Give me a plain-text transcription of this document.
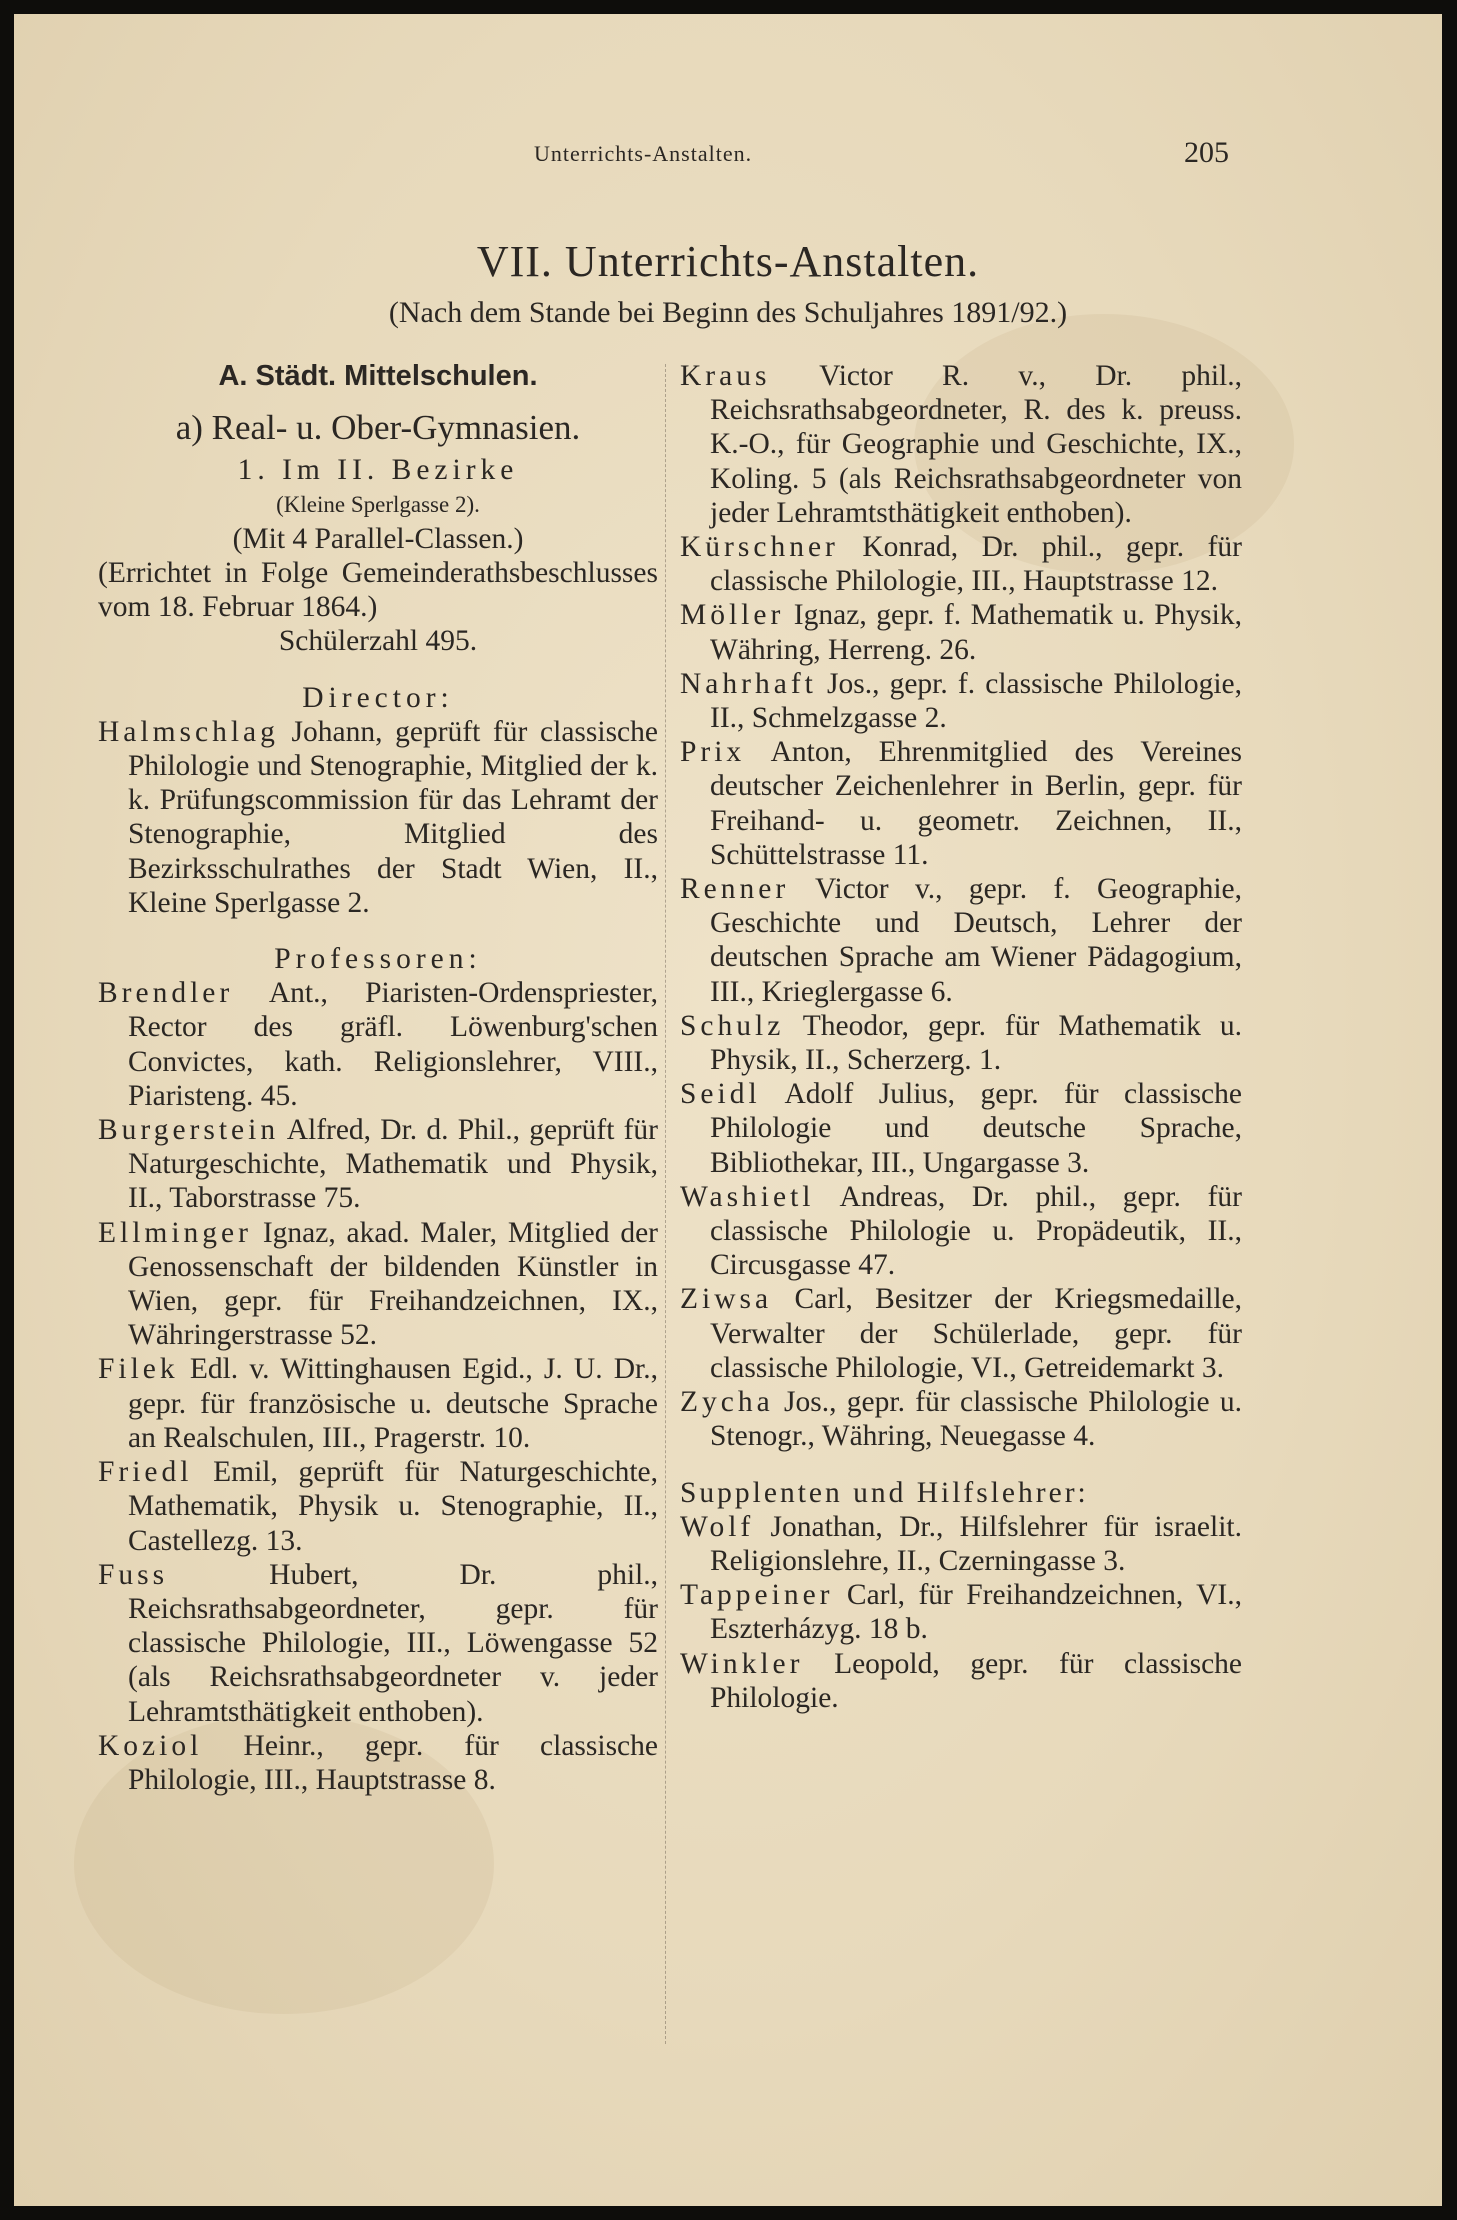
Unterrichts-Anstalten.	205
VII. Unterrichts-Anstalten.
(Nach dem Stande bei Beginn des Schuljahres 1891/92.)
A. Städt. Mittelschulen.
a) Real- u. Ober-Gymnasien.
1. Im II. Bezirke
(Kleine Sperlgasse 2).
(Mit 4 Parallel-Classen.)
(Errichtet in Folge Gemeinderathsbeschlusses vom 18. Februar 1864.)
Schülerzahl 495.
Director:
Halmschlag Johann, geprüft für classische Philologie und Stenographie, Mitglied der k. k. Prüfungscommission für das Lehramt der Stenographie, Mitglied des Bezirksschulrathes der Stadt Wien, II., Kleine Sperlgasse 2.
Professoren:
Brendler Ant., Piaristen-Ordenspriester, Rector des gräfl. Löwenburg'schen Convictes, kath. Religionslehrer, VIII., Piaristeng. 45.
Burgerstein Alfred, Dr. d. Phil., geprüft für Naturgeschichte, Mathematik und Physik, II., Taborstrasse 75.
Ellminger Ignaz, akad. Maler, Mitglied der Genossenschaft der bildenden Künstler in Wien, gepr. für Freihandzeichnen, IX., Währingerstrasse 52.
Filek Edl. v. Wittinghausen Egid., J. U. Dr., gepr. für französische u. deutsche Sprache an Realschulen, III., Pragerstr. 10.
Friedl Emil, geprüft für Naturgeschichte, Mathematik, Physik u. Stenographie, II., Castellezg. 13.
Fuss Hubert, Dr. phil., Reichsrathsabgeordneter, gepr. für classische Philologie, III., Löwengasse 52 (als Reichsrathsabgeordneter v. jeder Lehramtsthätigkeit enthoben).
Koziol Heinr., gepr. für classische Philologie, III., Hauptstrasse 8.
Kraus Victor R. v., Dr. phil., Reichsrathsabgeordneter, R. des k. preuss. K.-O., für Geographie und Geschichte, IX., Koling. 5 (als Reichsrathsabgeordneter von jeder Lehramtsthätigkeit enthoben).
Kürschner Konrad, Dr. phil., gepr. für classische Philologie, III., Hauptstrasse 12.
Möller Ignaz, gepr. f. Mathematik u. Physik, Währing, Herreng. 26.
Nahrhaft Jos., gepr. f. classische Philologie, II., Schmelzgasse 2.
Prix Anton, Ehrenmitglied des Vereines deutscher Zeichenlehrer in Berlin, gepr. für Freihand- u. geometr. Zeichnen, II., Schüttelstrasse 11.
Renner Victor v., gepr. f. Geographie, Geschichte und Deutsch, Lehrer der deutschen Sprache am Wiener Pädagogium, III., Krieglergasse 6.
Schulz Theodor, gepr. für Mathematik u. Physik, II., Scherzerg. 1.
Seidl Adolf Julius, gepr. für classische Philologie und deutsche Sprache, Bibliothekar, III., Ungargasse 3.
Washietl Andreas, Dr. phil., gepr. für classische Philologie u. Propädeutik, II., Circusgasse 47.
Ziwsa Carl, Besitzer der Kriegsmedaille, Verwalter der Schülerlade, gepr. für classische Philologie, VI., Getreidemarkt 3.
Zycha Jos., gepr. für classische Philologie u. Stenogr., Währing, Neuegasse 4.
Supplenten und Hilfslehrer:
Wolf Jonathan, Dr., Hilfslehrer für israelit. Religionslehre, II., Czerningasse 3.
Tappeiner Carl, für Freihandzeichnen, VI., Eszterházyg. 18 b.
Winkler Leopold, gepr. für classische Philologie.
